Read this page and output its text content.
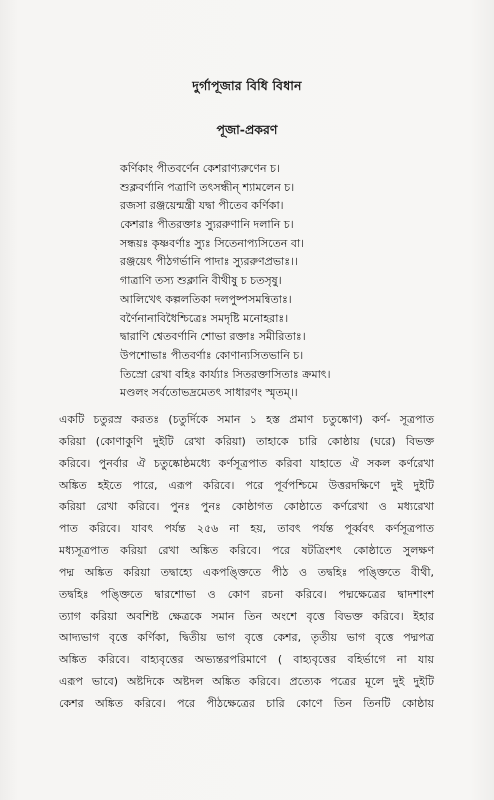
দুর্গাপূজার বিধি বিধান
পূজা-প্রকরণ
কর্ণিকাং পীতবর্ণেন কেশরাণ্যরুণেন চ।
শুক্লবর্ণানি পত্রাণি তৎসন্ধীন্ শ্যামলেন চ।
রজসা রঞ্জয়েন্মন্ত্রী যদ্বা পীতেব কর্ণিকা।
কেশরাঃ পীতরক্তাঃ স্যুররুণানি দলানি চ।
সন্ধয়ঃ কৃষ্ণবর্ণাঃ স্যুঃ সিতেনাপ্যসিতেন বা।
রঞ্জয়েৎ পীঠগর্ভানি পাদাঃ স্যুররুণপ্রভাঃ।।
গাত্রাণি তস্য শুক্লানি বীথীষু চ চতসৃষু।
আলিখেৎ কল্পলতিকা দলপুষ্পসমন্বিতাঃ।
বর্ণৈনানাবিধৈশ্চিত্রেঃ সমদৃষ্টি মনোহরাঃ।
দ্বারাণি শ্বেতবর্ণানি শোভা রক্তাঃ সমীরিতাঃ।
উপশোভাঃ পীতবর্ণাঃ কোণান্যসিতভানি চ।
তিস্রো রেখা বহিঃ কার্য্যাঃ সিতরক্তাসিতাঃ ক্রমাৎ।
মণ্ডলং সর্বতোভদ্রমেতৎ সাধারণং স্মৃতম্।।
একটি চতুরস্র করতঃ (চতুর্দিকে সমান ১ হস্ত প্রমাণ চতুষ্কোণ) কর্ণ- সূত্রপাত
করিয়া (কোণাকুণি দুইটি রেখা করিয়া) তাহাকে চারি কোষ্ঠায় (ঘরে) বিভক্ত
করিবে। পুনর্বার ঐ চতুষ্কোষ্ঠমধ্যে কর্ণসূত্রপাত করিবা যাহাতে ঐ সকল কর্ণরেখা
অঙ্কিত হইতে পারে, এরূপ করিবে। পরে পূর্বপশ্চিমে উত্তরদক্ষিণে দুই দুইটি
করিয়া রেখা করিবে। পুনঃ পুনঃ কোষ্ঠাগত কোষ্ঠাতে কর্ণরেখা ও মধ্যরেখা
পাত করিবে। যাবৎ পর্যন্ত ২৫৬ না হয়, তাবৎ পর্যন্ত পূর্ব্ববৎ কর্ণসূত্রপাত
মধ্যসূত্রপাত করিয়া রেখা অঙ্কিত করিবে। পরে ষটত্রিংশৎ কোষ্ঠাতে সুলক্ষণ
পদ্ম অঙ্কিত করিয়া তদ্বাহ্যে একপঙ্ক্তিতে পীঠ ও তদ্বহিঃ পঙ্ক্তিতে বীথী,
তদ্বহিঃ পঙ্ক্তিতে দ্বারশোভা ও কোণ রচনা করিবে। পদ্মক্ষেত্রের দ্বাদশাংশ
ত্যাগ করিয়া অবশিষ্ট ক্ষেত্রকে সমান তিন অংশে বৃত্তে বিভক্ত করিবে। ইহার
আদ্যভাগ বৃত্তে কর্ণিকা, দ্বিতীয় ভাগ বৃত্তে কেশর, তৃতীয় ভাগ বৃত্তে পদ্মপত্র
অঙ্কিত করিবে। বাহ্যবৃত্তের অভ্যন্তরপরিমাণে ( বাহ্যবৃত্তের বহির্ভাগে না যায়
এরূপ ভাবে) অষ্টদিকে অষ্টদল অঙ্কিত করিবে। প্রত্যেক পত্রের মূলে দুই দুইটি
কেশর অঙ্কিত করিবে। পরে পীঠক্ষেত্রের চারি কোণে তিন তিনটি কোষ্ঠায়
